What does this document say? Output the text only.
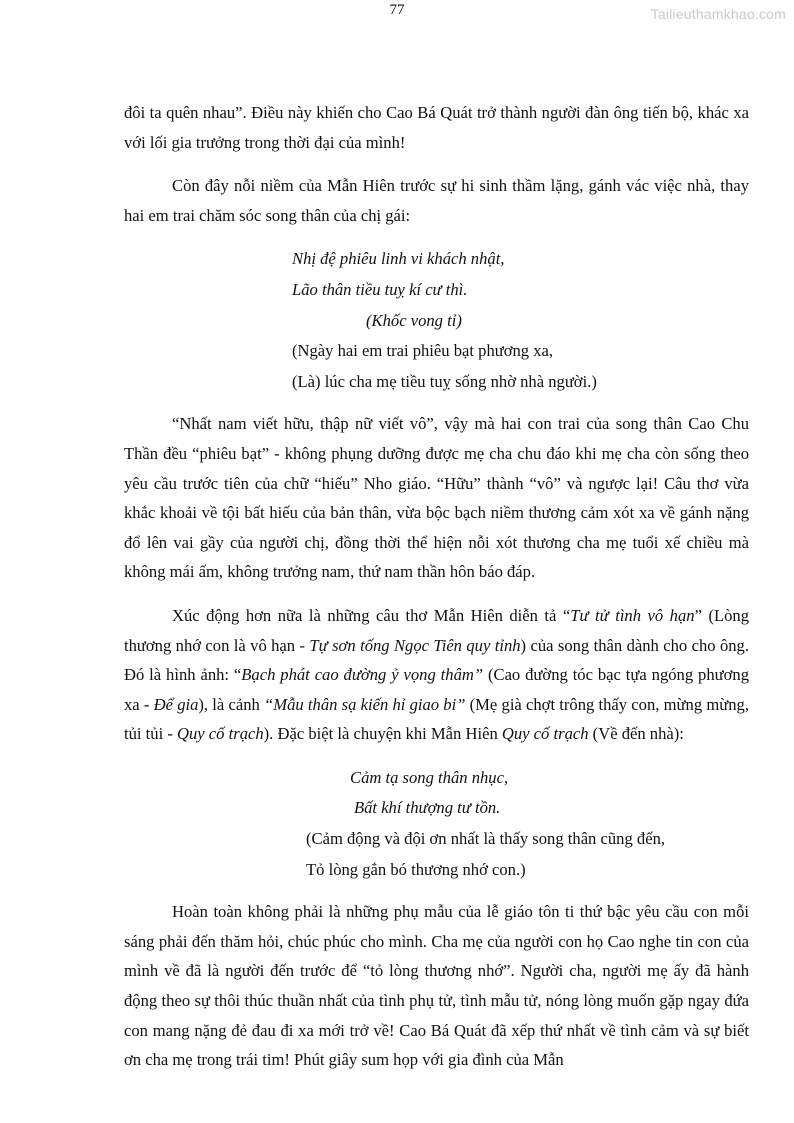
77	Tailieuthamkhao.com

đôi ta quên nhau”. Điều này khiến cho Cao Bá Quát trở thành người đàn ông tiến bộ, khác xa với lối gia trưởng trong thời đại của mình!

Còn đây nỗi niềm của Mẫn Hiên trước sự hi sinh thầm lặng, gánh vác việc nhà, thay hai em trai chăm sóc song thân của chị gái:

Nhị đệ phiêu linh vi khách nhật,
Lão thân tiều tuỵ kí cư thì.
(Khốc vong tỉ)
(Ngày hai em trai phiêu bạt phương xa,
(Là) lúc cha mẹ tiều tuỵ sống nhờ nhà người.)

“Nhất nam viết hữu, thập nữ viết vô”, vậy mà hai con trai của song thân Cao Chu Thần đều “phiêu bạt” - không phụng dưỡng được mẹ cha chu đáo khi mẹ cha còn sống theo yêu cầu trước tiên của chữ “hiếu” Nho giáo. “Hữu” thành “vô” và ngược lại! Câu thơ vừa khắc khoải về tội bất hiếu của bản thân, vừa bộc bạch niềm thương cảm xót xa về gánh nặng đổ lên vai gầy của người chị, đồng thời thể hiện nỗi xót thương cha mẹ tuổi xế chiều mà không mái ấm, không trưởng nam, thứ nam thần hôn báo đáp.

Xúc động hơn nữa là những câu thơ Mẫn Hiên diễn tả “Tư tử tình vô hạn” (Lòng thương nhớ con là vô hạn - Tự sơn tống Ngọc Tiên quy tỉnh) của song thân dành cho cho ông. Đó là hình ảnh: “Bạch phát cao đường ỷ vọng thâm” (Cao đường tóc bạc tựa ngóng phương xa - Để gia), là cảnh “Mẫu thân sạ kiến hỉ giao bi” (Mẹ già chợt trông thấy con, mừng mừng, tủi tủi - Quy cố trạch). Đặc biệt là chuyện khi Mẫn Hiên Quy cố trạch (Về đến nhà):

Cảm tạ song thân nhục,
Bất khí thượng tư tồn.
(Cảm động và đội ơn nhất là thấy song thân cũng đến,
Tỏ lòng gắn bó thương nhớ con.)

Hoàn toàn không phải là những phụ mẫu của lễ giáo tôn ti thứ bậc yêu cầu con mỗi sáng phải đến thăm hỏi, chúc phúc cho mình. Cha mẹ của người con họ Cao nghe tin con của mình về đã là người đến trước để “tỏ lòng thương nhớ”. Người cha, người mẹ ấy đã hành động theo sự thôi thúc thuần nhất của tình phụ tử, tình mẫu tử, nóng lòng muốn gặp ngay đứa con mang nặng đẻ đau đi xa mới trở về! Cao Bá Quát đã xếp thứ nhất về tình cảm và sự biết ơn cha mẹ trong trái tim! Phút giây sum họp với gia đình của Mẫn
